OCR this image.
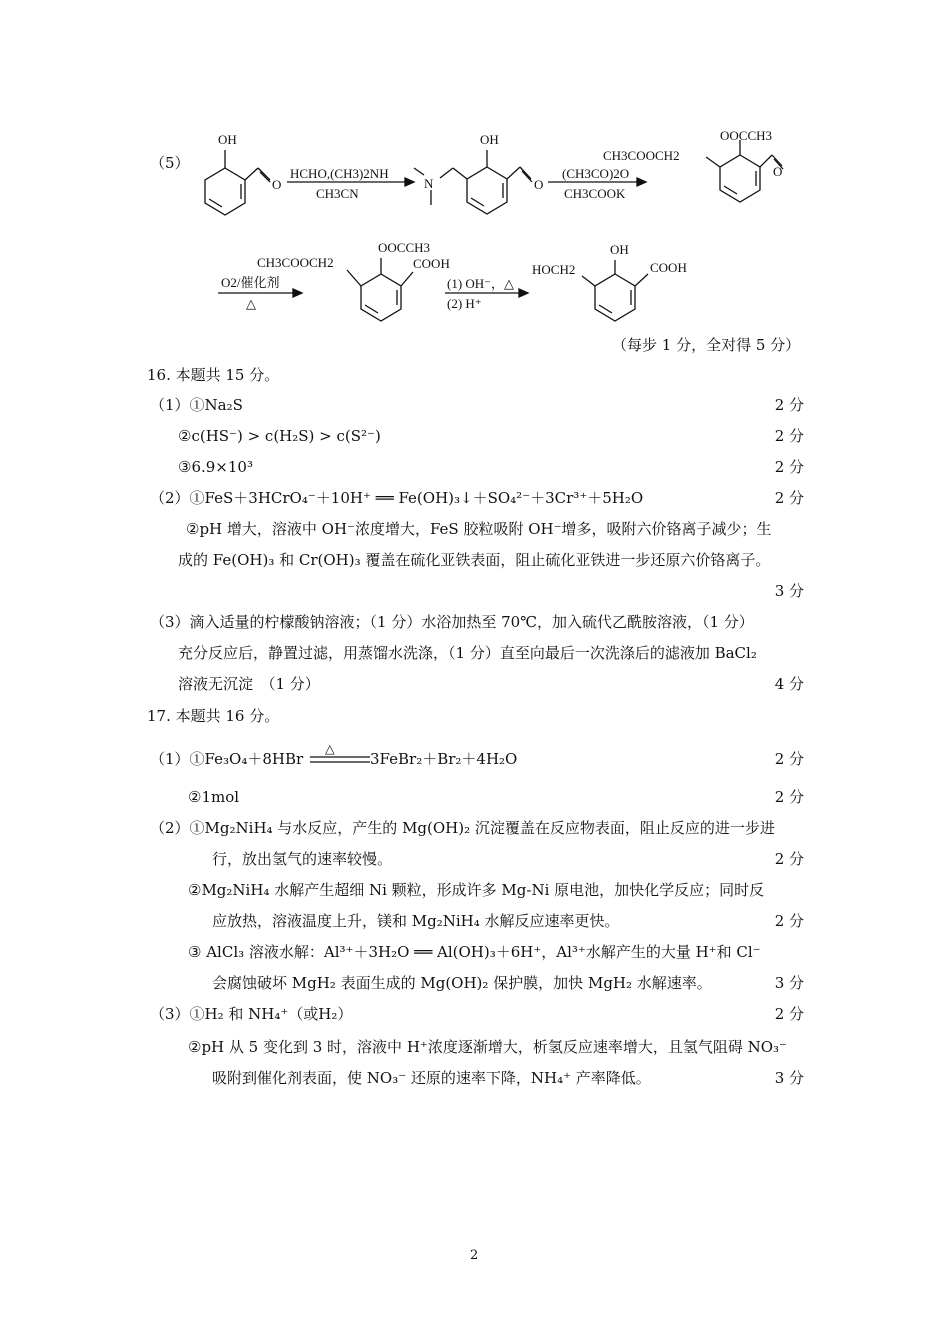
（5）
OH
O
HCHO,(CH3)2NH
CH3CN
N
OH
O
(CH3CO)2O
CH3COOK
CH3COOCH2
OOCCH3
O
O2/催化剂
△
CH3COOCH2
OOCCH3
COOH
(1) OH⁻，△
(2) H⁺
HOCH2
OH
COOH
（每步 1 分，全对得 5 分）
16. 本题共 15 分。
（1）①Na₂S	2 分
②c(HS⁻) > c(H₂S) > c(S²⁻)	2 分
③6.9×10³	2 分
（2）①FeS＋3HCrO₄⁻＋10H⁺ ══ Fe(OH)₃↓＋SO₄²⁻＋3Cr³⁺＋5H₂O	2 分
②pH 增大，溶液中 OH⁻浓度增大，FeS 胶粒吸附 OH⁻增多，吸附六价铬离子减少；生
成的 Fe(OH)₃ 和 Cr(OH)₃ 覆盖在硫化亚铁表面，阻止硫化亚铁进一步还原六价铬离子。
3 分
（3）滴入适量的柠檬酸钠溶液；（1 分）水浴加热至 70℃，加入硫代乙酰胺溶液，（1 分）
充分反应后，静置过滤，用蒸馏水洗涤，（1 分）直至向最后一次洗涤后的滤液加 BaCl₂
溶液无沉淀　（1 分）	4 分
17. 本题共 16 分。
（1）①Fe₃O₄＋8HBr
△
3FeBr₂＋Br₂＋4H₂O	2 分
②1mol	2 分
（2）①Mg₂NiH₄ 与水反应，产生的 Mg(OH)₂ 沉淀覆盖在反应物表面，阻止反应的进一步进
行，放出氢气的速率较慢。	2 分
②Mg₂NiH₄ 水解产生超细 Ni 颗粒，形成许多 Mg-Ni 原电池，加快化学反应；同时反
应放热，溶液温度上升，镁和 Mg₂NiH₄ 水解反应速率更快。	2 分
③ AlCl₃ 溶液水解：Al³⁺＋3H₂O ══ Al(OH)₃＋6H⁺，Al³⁺水解产生的大量 H⁺和 Cl⁻
会腐蚀破坏 MgH₂ 表面生成的 Mg(OH)₂ 保护膜，加快 MgH₂ 水解速率。	3 分
（3）①H₂ 和 NH₄⁺（或H₂）	2 分
②pH 从 5 变化到 3 时，溶液中 H⁺浓度逐渐增大，析氢反应速率增大，且氢气阻碍 NO₃⁻
吸附到催化剂表面，使 NO₃⁻ 还原的速率下降，NH₄⁺ 产率降低。	3 分
2
